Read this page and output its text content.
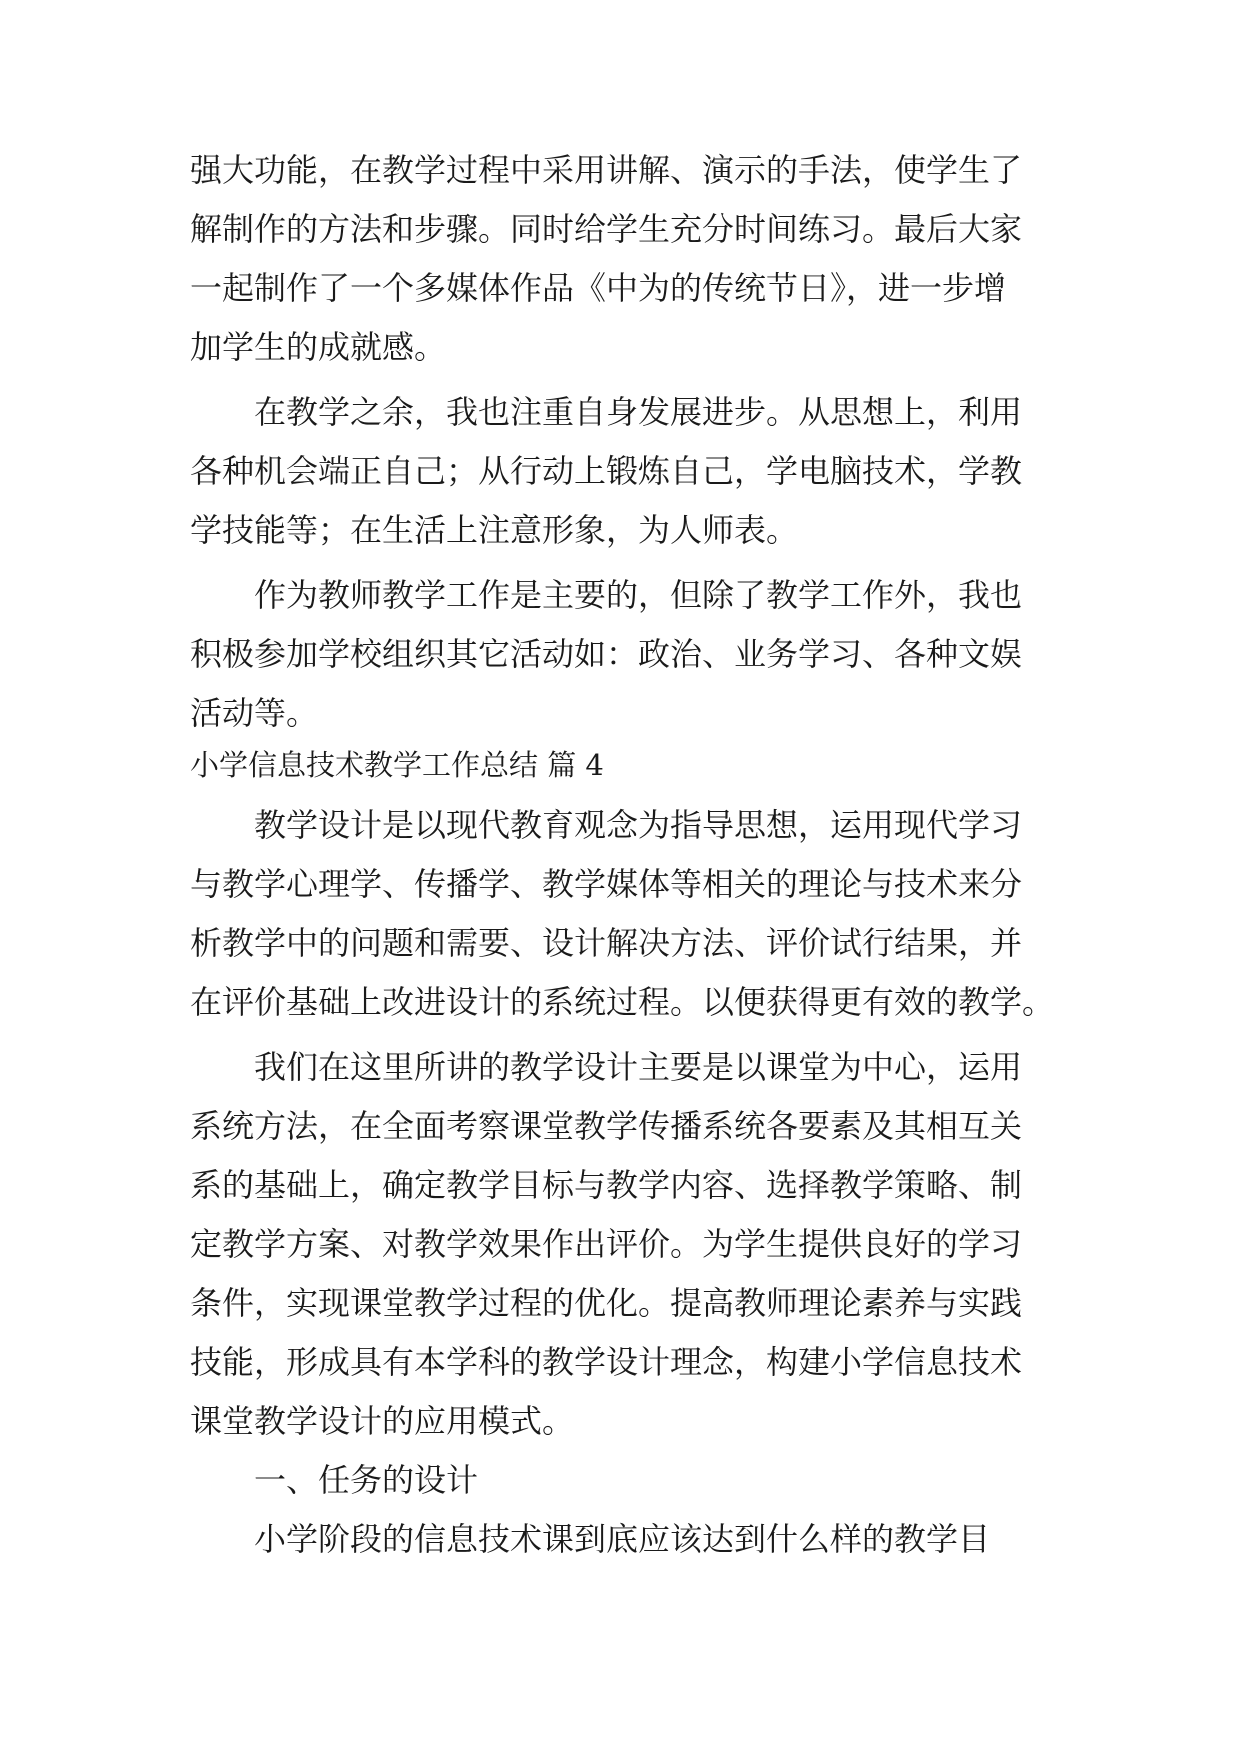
强大功能，在教学过程中采用讲解、演示的手法，使学生了
解制作的方法和步骤。同时给学生充分时间练习。最后大家
一起制作了一个多媒体作品《中为的传统节日》，进一步增
加学生的成就感。
在教学之余，我也注重自身发展进步。从思想上，利用
各种机会端正自己；从行动上锻炼自己，学电脑技术，学教
学技能等；在生活上注意形象，为人师表。
作为教师教学工作是主要的，但除了教学工作外，我也
积极参加学校组织其它活动如：政治、业务学习、各种文娱
活动等。
小学信息技术教学工作总结 篇 4
教学设计是以现代教育观念为指导思想，运用现代学习
与教学心理学、传播学、教学媒体等相关的理论与技术来分
析教学中的问题和需要、设计解决方法、评价试行结果，并
在评价基础上改进设计的系统过程。以便获得更有效的教学。
我们在这里所讲的教学设计主要是以课堂为中心，运用
系统方法，在全面考察课堂教学传播系统各要素及其相互关
系的基础上，确定教学目标与教学内容、选择教学策略、制
定教学方案、对教学效果作出评价。为学生提供良好的学习
条件，实现课堂教学过程的优化。提高教师理论素养与实践
技能，形成具有本学科的教学设计理念，构建小学信息技术
课堂教学设计的应用模式。
一、任务的设计
小学阶段的信息技术课到底应该达到什么样的教学目
